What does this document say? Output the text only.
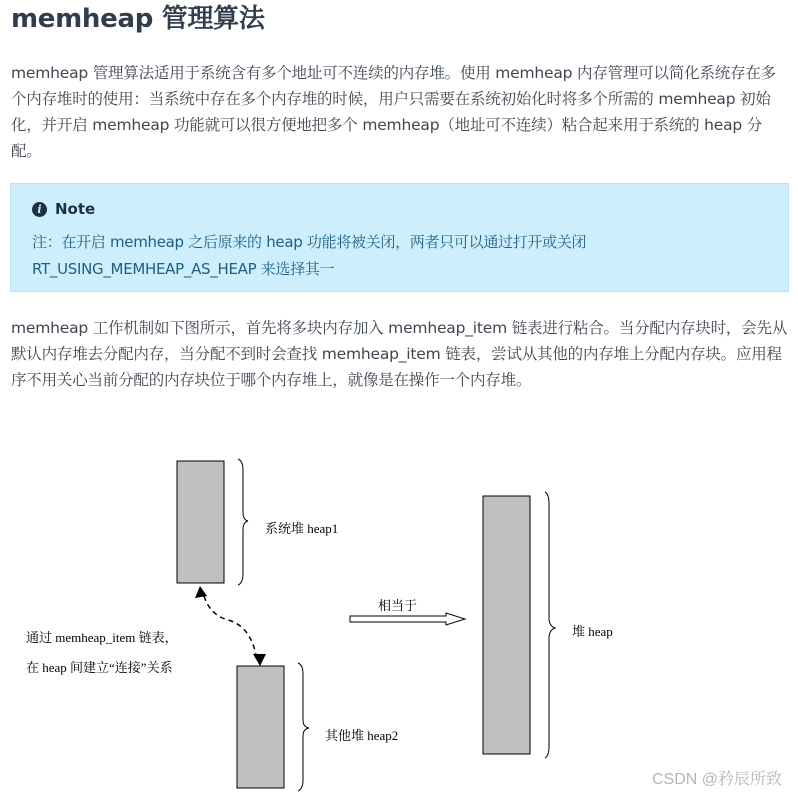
memheap 管理算法

memheap 管理算法适用于系统含有多个地址可不连续的内存堆。使用 memheap 内存管理可以简化系统存在多个内存堆时的使用：当系统中存在多个内存堆的时候，用户只需要在系统初始化时将多个所需的 memheap 初始化，并开启 memheap 功能就可以很方便地把多个 memheap（地址可不连续）粘合起来用于系统的 heap 分配。

i Note
注：在开启 memheap 之后原来的 heap 功能将被关闭，两者只可以通过打开或关闭
RT_USING_MEMHEAP_AS_HEAP 来选择其一

memheap 工作机制如下图所示，首先将多块内存加入 memheap_item 链表进行粘合。当分配内存块时，会先从默认内存堆去分配内存，当分配不到时会查找 memheap_item 链表，尝试从其他的内存堆上分配内存块。应用程序不用关心当前分配的内存块位于哪个内存堆上，就像是在操作一个内存堆。

系统堆 heap1
其他堆 heap2
堆 heap
相当于
通过 memheap_item 链表，
在 heap 间建立“连接”关系
CSDN @矜辰所致
